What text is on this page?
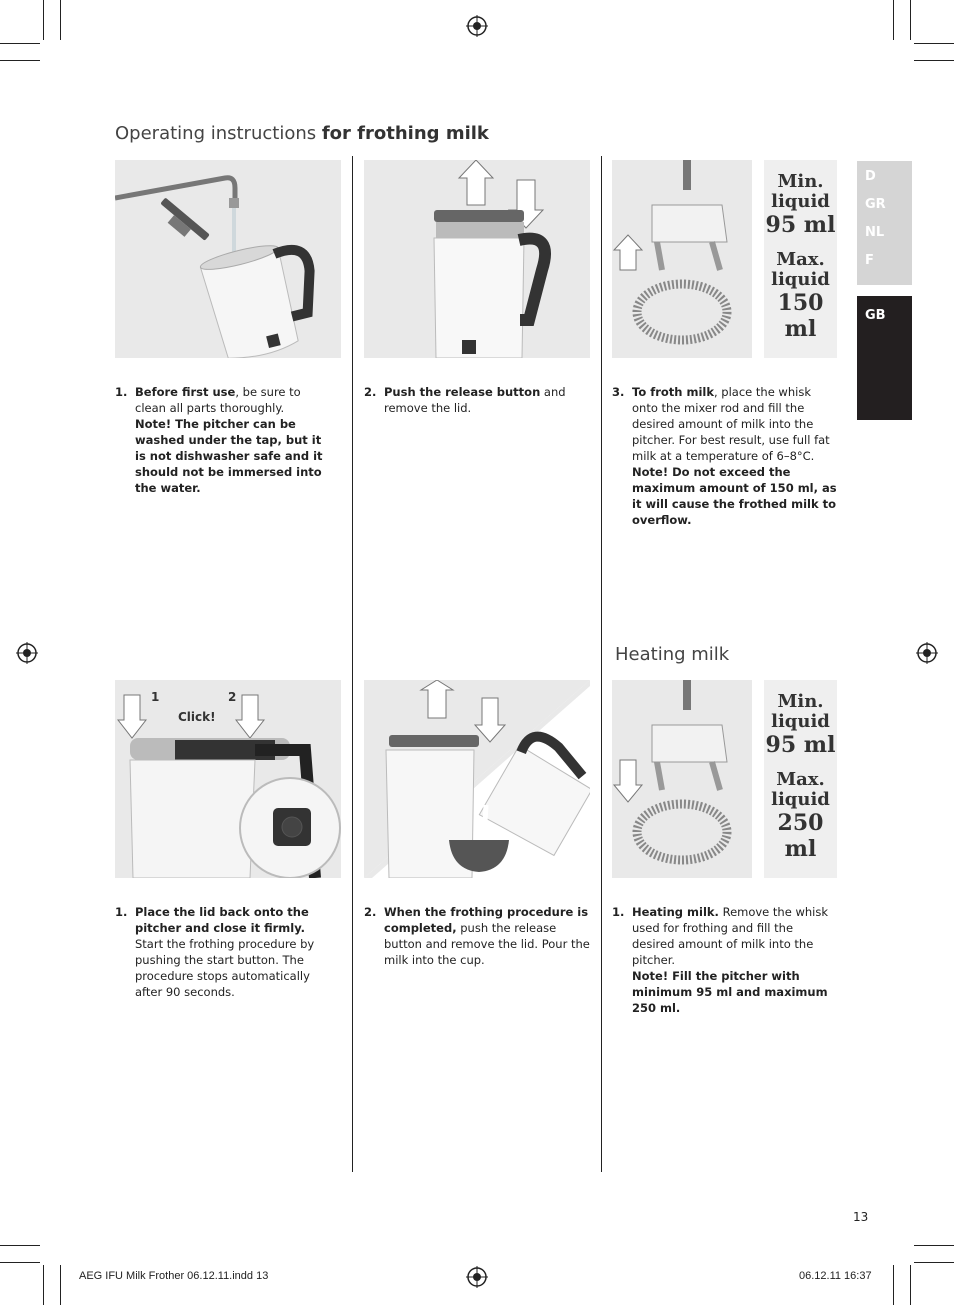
Operating instructions for frothing milk
D
GR
NL
F
GB
Min. liquid
95 ml
Max. liquid
150 ml
1. Before first use, be sure to clean all parts thoroughly.
Note! The pitcher can be washed under the tap, but it is not dishwasher safe and it should not be immersed into the water.
2. Push the release button and remove the lid.
3. To froth milk, place the whisk onto the mixer rod and fill the desired amount of milk into the pitcher. For best result, use full fat milk at a temperature of 6–8°C. Note! Do not exceed the maximum amount of 150 ml, as it will cause the frothed milk to overflow.
Heating milk
1	2
Click!
Min. liquid
95 ml
Max. liquid
250 ml
1. Place the lid back onto the pitcher and close it firmly. Start the frothing procedure by pushing the start button. The procedure stops automatically after 90 seconds.
2. When the frothing procedure is completed, push the release button and remove the lid. Pour the milk into the cup.
1. Heating milk. Remove the whisk used for frothing and fill the desired amount of milk into the pitcher.
Note! Fill the pitcher with minimum 95 ml and maximum 250 ml.
13
AEG IFU Milk Frother 06.12.11.indd 13	06.12.11 16:37
